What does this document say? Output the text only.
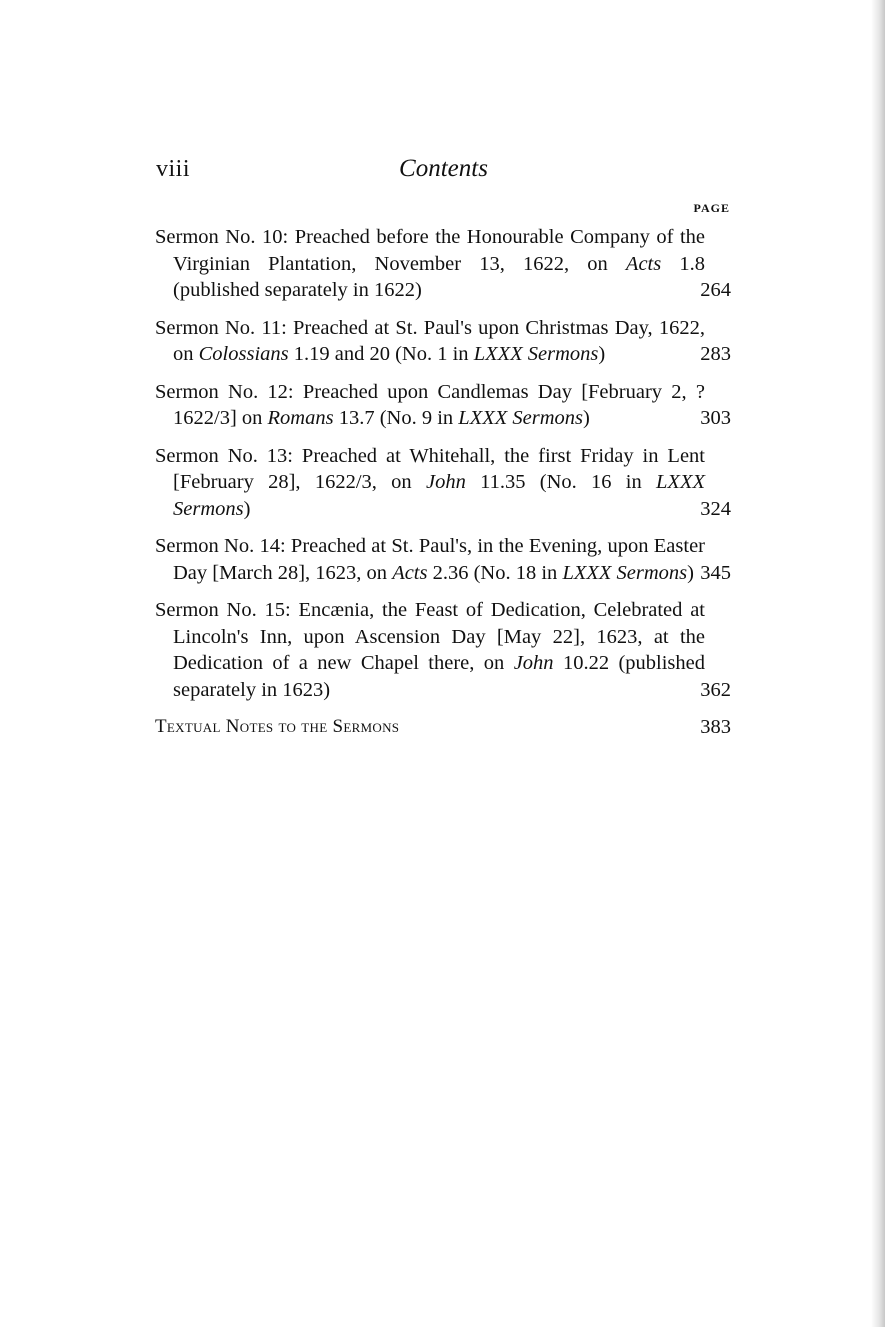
viii	Contents
PAGE
Sermon No. 10: Preached before the Honourable Company of the Virginian Plantation, November 13, 1622, on Acts 1.8 (published separately in 1622)	264
Sermon No. 11: Preached at St. Paul's upon Christmas Day, 1622, on Colossians 1.19 and 20 (No. 1 in LXXX Sermons)	283
Sermon No. 12: Preached upon Candlemas Day [February 2, ? 1622/3] on Romans 13.7 (No. 9 in LXXX Sermons)	303
Sermon No. 13: Preached at Whitehall, the first Friday in Lent [February 28], 1622/3, on John 11.35 (No. 16 in LXXX Sermons)	324
Sermon No. 14: Preached at St. Paul's, in the Evening, upon Easter Day [March 28], 1623, on Acts 2.36 (No. 18 in LXXX Sermons) 345
Sermon No. 15: Encænia, the Feast of Dedication, Celebrated at Lincoln's Inn, upon Ascension Day [May 22], 1623, at the Dedication of a new Chapel there, on John 10.22 (published separately in 1623)	362
Textual Notes to the Sermons	383
